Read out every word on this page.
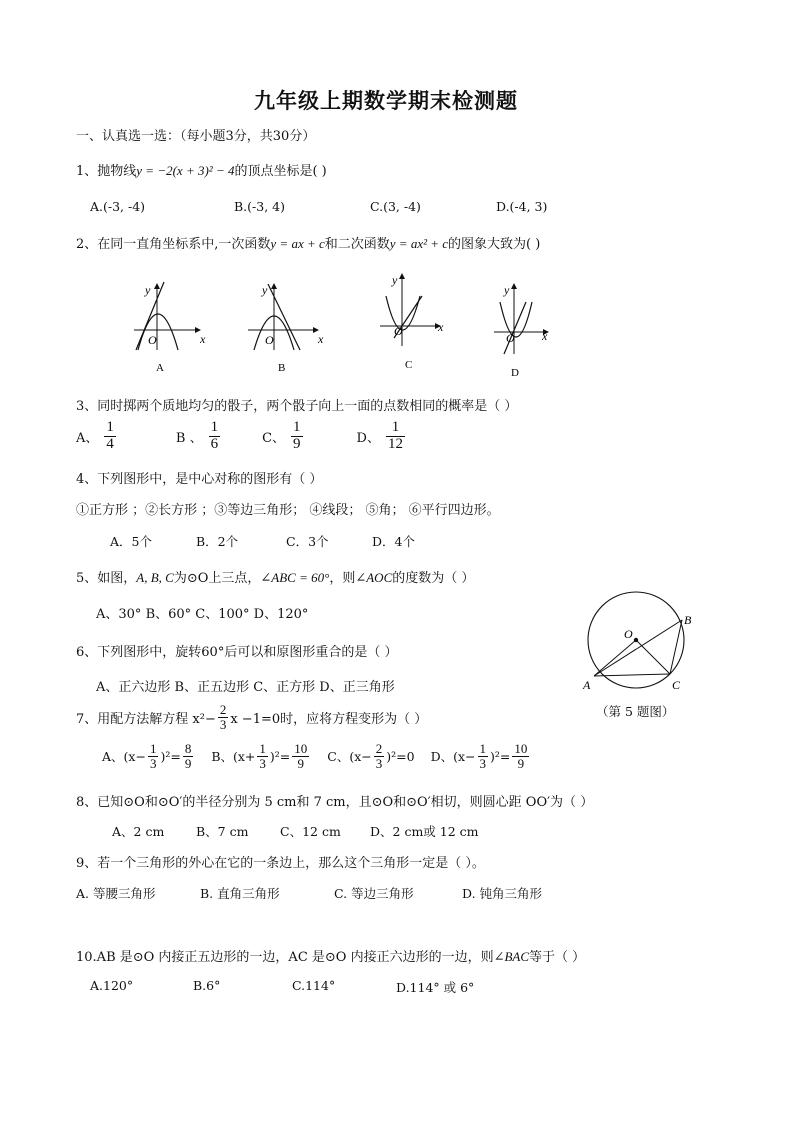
九年级上期数学期末检测题
一、认真选一选：（每小题3分，共30分）
1、抛物线y = −2(x + 3)² − 4的顶点坐标是( )
A.(-3, -4)	B.(-3, 4)	C.(3, -4)	D.(-4, 3)
2、在同一直角坐标系中,一次函数y = ax + c和二次函数y = ax² + c的图象大致为( )
y
x
O
A
y
x
O
B
y
x
O
C
y
x
O
D
3、同时掷两个质地均匀的骰子，两个骰子向上一面的点数相同的概率是（ ）
A、 $\frac{1}{4}$	B 、 $\frac{1}{6}$	C、 $\frac{1}{9}$	D、 $\frac{1}{12}$
4、下列图形中，是中心对称的图形有（ ）
①正方形 ；②长方形 ；③等边三角形； ④线段； ⑤角； ⑥平行四边形。
A．5个	B．2个	C．3个	D．4个
5、如图，A, B, C为⊙O上三点，∠ABC = 60°，则∠AOC的度数为（ ）
A、30° B、60° C、100° D、120°
O
B
A	C
（第 5 题图）
6、下列图形中，旋转60°后可以和原图形重合的是（ ）
A、正六边形 B、正五边形 C、正方形 D、正三角形
7、用配方法解方程 $x^2- \frac{2}{3}$ x −1=0时，应将方程变形为（ ）
A、$(x- \frac{1}{3} )^2= \frac{8}{9}$ B、$(x+ \frac{1}{3} )^2= \frac{10}{9}$ C、$(x- \frac{2}{3} )^2=0$ D、$(x- \frac{1}{3} )^2= \frac{10}{9}$
8、已知⊙O和⊙O′的半径分别为 5 cm和 7 cm，且⊙O和⊙O′相切，则圆心距 OO′为（ ）
A、2 cm	B、7 cm	C、12 cm D、2 cm或 12 cm
9、若一个三角形的外心在它的一条边上，那么这个三角形一定是（ ）。
A. 等腰三角形	B. 直角三角形	C. 等边三角形	D. 钝角三角形
10.AB 是⊙O 内接正五边形的一边，AC 是⊙O 内接正六边形的一边，则∠BAC等于（ ）
A.120°	B.6°	C.114°	D.114° 或 6°
